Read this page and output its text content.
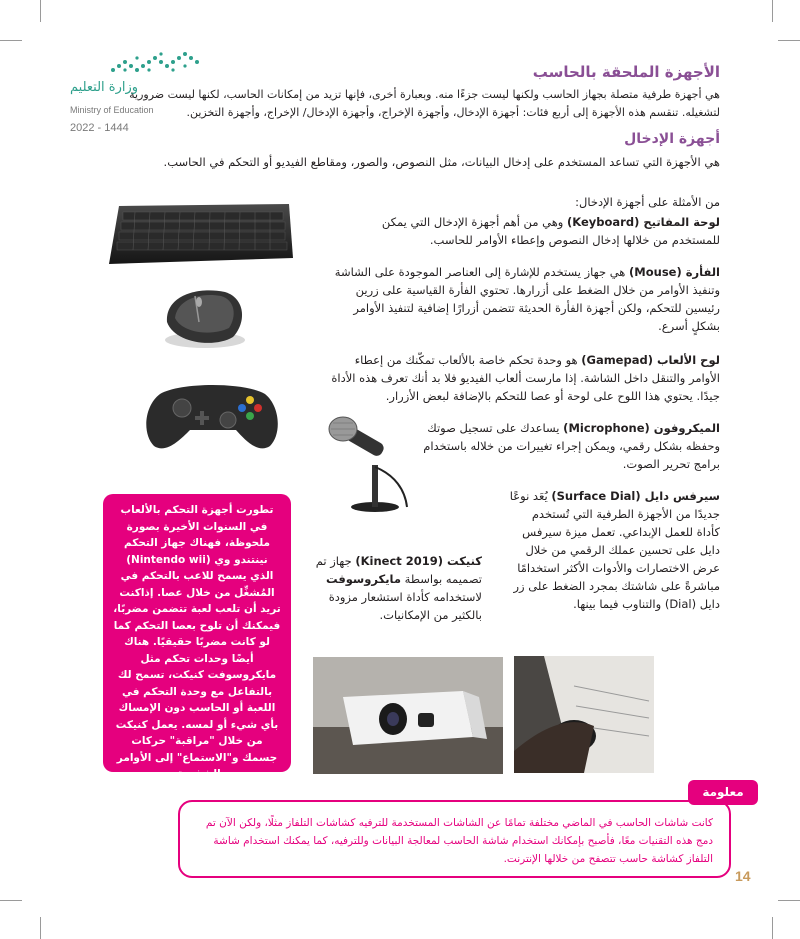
وزارة التعليم
Ministry of Education
2022 - 1444
الأجهزة الملحقة بالحاسب
هي أجهزة طرفية متصلة بجهاز الحاسب ولكنها ليست جزءًا منه. وبعبارة أخرى، فإنها تزيد من إمكانات الحاسب، لكنها ليست ضرورية
لتشغيله. تنقسم هذه الأجهزة إلى أربع فئات: أجهزة الإدخال، وأجهزة الإخراج، وأجهزة الإدخال/ الإخراج، وأجهزة التخزين.
أجهزة الإدخال
هي الأجهزة التي تساعد المستخدم على إدخال البيانات، مثل النصوص، والصور، ومقاطع الفيديو أو التحكم في الحاسب.
من الأمثلة على أجهزة الإدخال:
لوحة المفاتيح (Keyboard) وهي من أهم أجهزة الإدخال التي يمكن للمستخدم من خلالها إدخال النصوص وإعطاء الأوامر للحاسب.
الفأرة (Mouse) هي جهاز يستخدم للإشارة إلى العناصر الموجودة على الشاشة وتنفيذ الأوامر من خلال الضغط على أزرارها. تحتوي الفأرة القياسية على زرين رئيسين للتحكم، ولكن أجهزة الفأرة الحديثة تتضمن أزرارًا إضافية لتنفيذ الأوامر بشكلٍ أسرع.
لوح الألعاب (Gamepad) هو وحدة تحكم خاصة بالألعاب تمكّنك من إعطاء الأوامر والتنقل داخل الشاشة. إذا مارست ألعاب الفيديو فلا بد أنك تعرف هذه الأداة جيدًا. يحتوي هذا اللوح على لوحة أو عصا للتحكم بالإضافة لبعض الأزرار.
الميكروفون (Microphone) يساعدك على تسجيل صوتك وحفظه بشكل رقمي، ويمكن إجراء تغييرات من خلاله باستخدام برامج تحرير الصوت.
سيرفس دايل (Surface Dial) يُعَد نوعًا جديدًا من الأجهزة الطرفية التي تُستخدم كأداة للعمل الإبداعي. تعمل ميزة سيرفس دايل على تحسين عملك الرقمي من خلال عرض الاختصارات والأدوات الأكثر استخدامًا مباشرةً على شاشتك بمجرد الضغط على زر دايل (Dial) والتناوب فيما بينها.
كنيكت (Kinect 2019) جهاز تم تصميمه بواسطة مايكروسوفت لاستخدامه كأداة استشعار مزودة بالكثير من الإمكانيات.
تطورت أجهزة التحكم بالألعاب في السنوات الأخيرة بصورة ملحوظة، فهناك جهاز التحكم نينتندو وي (Nintendo wii) الذي يسمح للاعب بالتحكم في المُشغِّل من خلال عصا. إذاكنت تريد أن تلعب لعبة تتضمن مضربًا، فيمكنك أن تلوح بعصا التحكم كما لو كانت مضربًا حقيقيًا. هناك أيضًا وحدات تحكم مثل مايكروسوفت كنيكت، تسمح لك بالتفاعل مع وحدة التحكم في اللعبة أو الحاسب دون الإمساك بأي شيء أو لمسه. يعمل كنيكت من خلال "مراقبة" حركات جسمك و"الاستماع" إلى الأوامر الشفهية.
معلومة
كانت شاشات الحاسب في الماضي مختلفة تمامًا عن الشاشات المستخدمة للترفيه كشاشات التلفاز مثلًا، ولكن الآن تم دمج هذه التقنيات معًا، فأصبح بإمكانك استخدام شاشة الحاسب لمعالجة البيانات وللترفيه، كما يمكنك استخدام شاشة التلفاز كشاشة حاسب تتصفح من خلالها الإنترنت.
14
